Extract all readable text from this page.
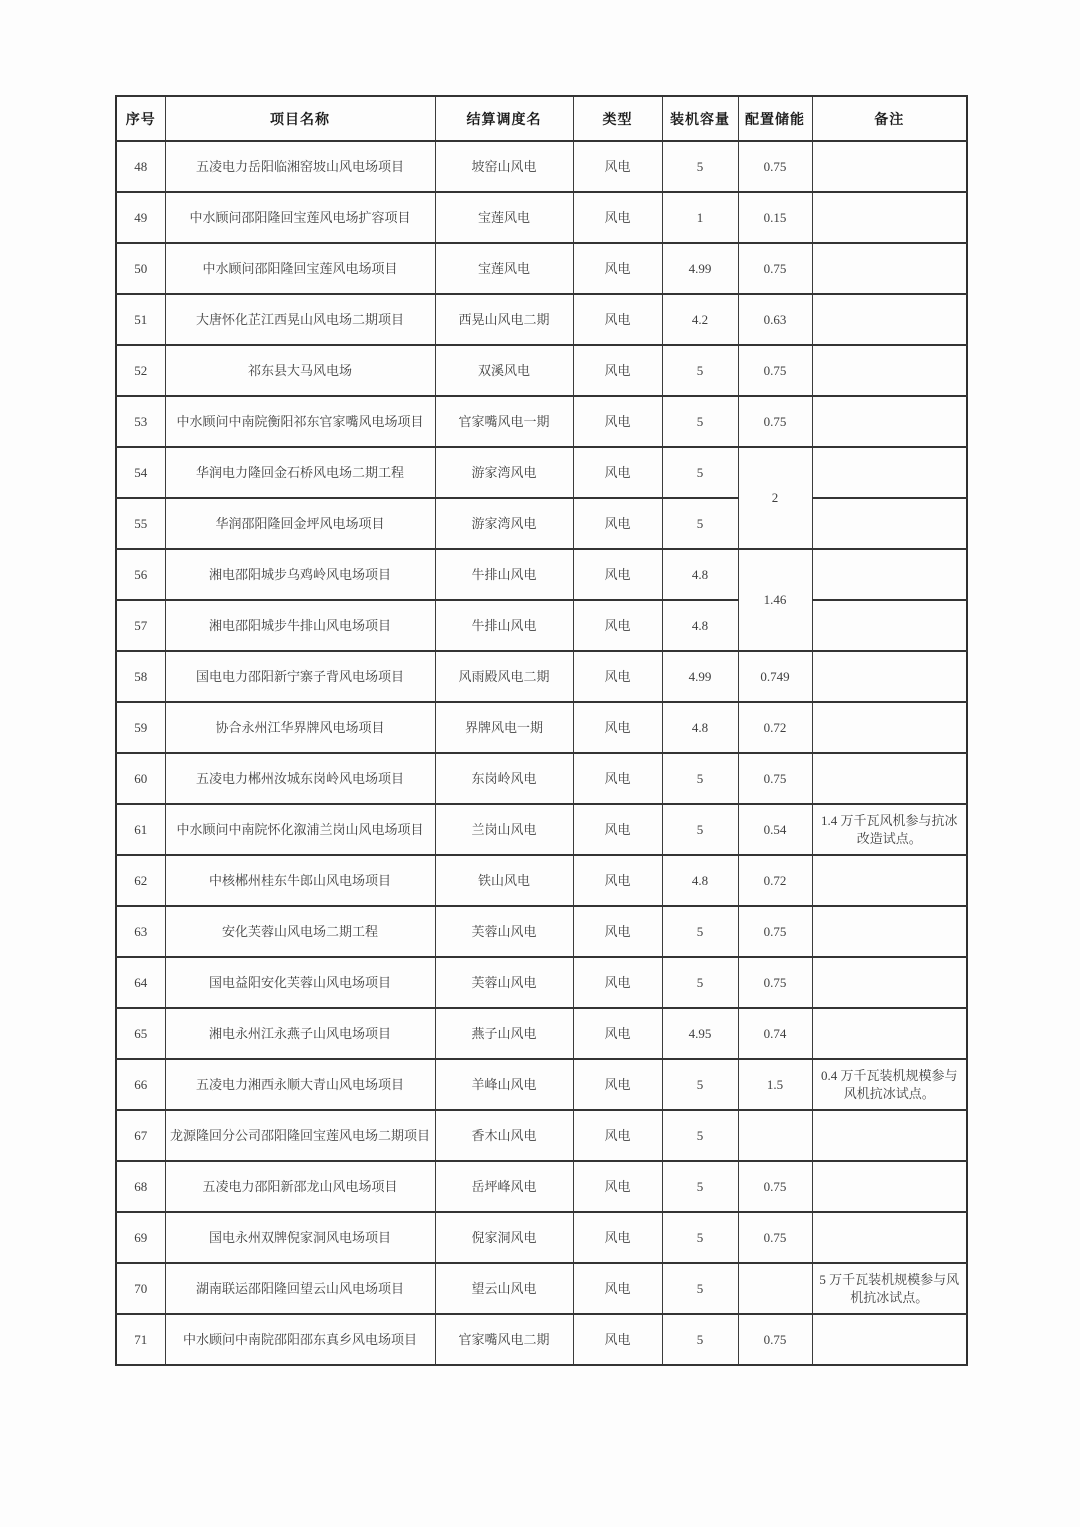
序号	项目名称	结算调度名	类型	装机容量	配置储能	备注
48	五凌电力岳阳临湘窑坡山风电场项目	坡窑山风电	风电	5	0.75	
49	中水顾问邵阳隆回宝莲风电场扩容项目	宝莲风电	风电	1	0.15	
50	中水顾问邵阳隆回宝莲风电场项目	宝莲风电	风电	4.99	0.75	
51	大唐怀化芷江西晃山风电场二期项目	西晃山风电二期	风电	4.2	0.63	
52	祁东县大马风电场	双溪风电	风电	5	0.75	
53	中水顾问中南院衡阳祁东官家嘴风电场项目	官家嘴风电一期	风电	5	0.75	
54	华润电力隆回金石桥风电场二期工程	游家湾风电	风电	5	2	
55	华润邵阳隆回金坪风电场项目	游家湾风电	风电	5		
56	湘电邵阳城步乌鸡岭风电场项目	牛排山风电	风电	4.8	1.46	
57	湘电邵阳城步牛排山风电场项目	牛排山风电	风电	4.8		
58	国电电力邵阳新宁寨子背风电场项目	风雨殿风电二期	风电	4.99	0.749	
59	协合永州江华界牌风电场项目	界牌风电一期	风电	4.8	0.72	
60	五凌电力郴州汝城东岗岭风电场项目	东岗岭风电	风电	5	0.75	
61	中水顾问中南院怀化溆浦兰岗山风电场项目	兰岗山风电	风电	5	0.54	1.4 万千瓦风机参与抗冰改造试点。
62	中核郴州桂东牛郎山风电场项目	铁山风电	风电	4.8	0.72	
63	安化芙蓉山风电场二期工程	芙蓉山风电	风电	5	0.75	
64	国电益阳安化芙蓉山风电场项目	芙蓉山风电	风电	5	0.75	
65	湘电永州江永燕子山风电场项目	燕子山风电	风电	4.95	0.74	
66	五凌电力湘西永顺大青山风电场项目	羊峰山风电	风电	5	1.5	0.4 万千瓦装机规模参与风机抗冰试点。
67	龙源隆回分公司邵阳隆回宝莲风电场二期项目	香木山风电	风电	5		
68	五凌电力邵阳新邵龙山风电场项目	岳坪峰风电	风电	5	0.75	
69	国电永州双牌倪家洞风电场项目	倪家洞风电	风电	5	0.75	
70	湖南联运邵阳隆回望云山风电场项目	望云山风电	风电	5		5 万千瓦装机规模参与风机抗冰试点。
71	中水顾问中南院邵阳邵东真乡风电场项目	官家嘴风电二期	风电	5	0.75	
